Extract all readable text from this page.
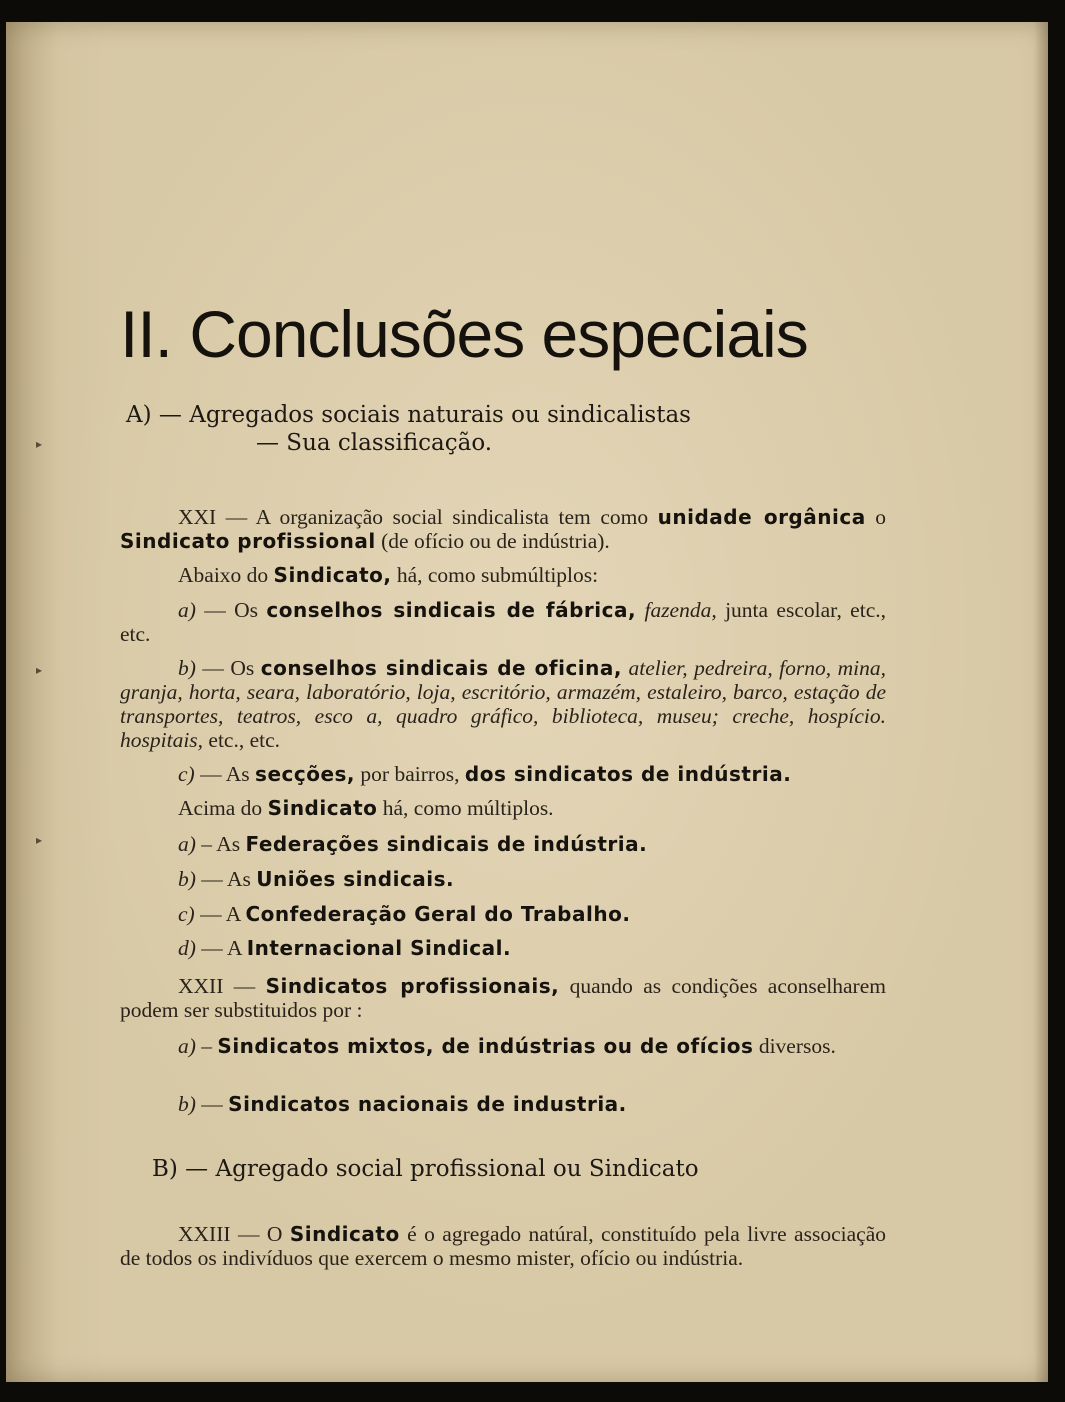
▸
▸
▸
II. Conclusões especiais
A) — Agregados sociais naturais ou sindicalistas
— Sua classificação.
XXI — A organização social sindicalista tem como unidade orgânica o Sindicato profissional (de ofício ou de indústria).
Abaixo do Sindicato, há, como submúltiplos:
a) — Os conselhos sindicais de fábrica, fazenda, junta escolar, etc., etc.
b) — Os conselhos sindicais de oficina, atelier, pedreira, forno, mina, granja, horta, seara, laboratório, loja, escritório, armazém, estaleiro, barco, estação de transportes, teatros, esco a, quadro gráfico, biblioteca, museu; creche, hospício. hospitais, etc., etc.
c) — As secções, por bairros, dos sindicatos de indústria.
Acima do Sindicato há, como múltiplos.
a) – As Federações sindicais de indústria.
b) — As Uniões sindicais.
c) — A Confederação Geral do Trabalho.
d) — A Internacional Sindical.
XXII — Sindicatos profissionais, quando as condições aconselharem podem ser substituidos por :
a) – Sindicatos mixtos, de indústrias ou de ofícios diversos.
b) — Sindicatos nacionais de industria.
B) — Agregado social profissional ou Sindicato
XXIII — O Sindicato é o agregado natúral, constituído pela livre associação de todos os indivíduos que exercem o mesmo mister, ofício ou indústria.
